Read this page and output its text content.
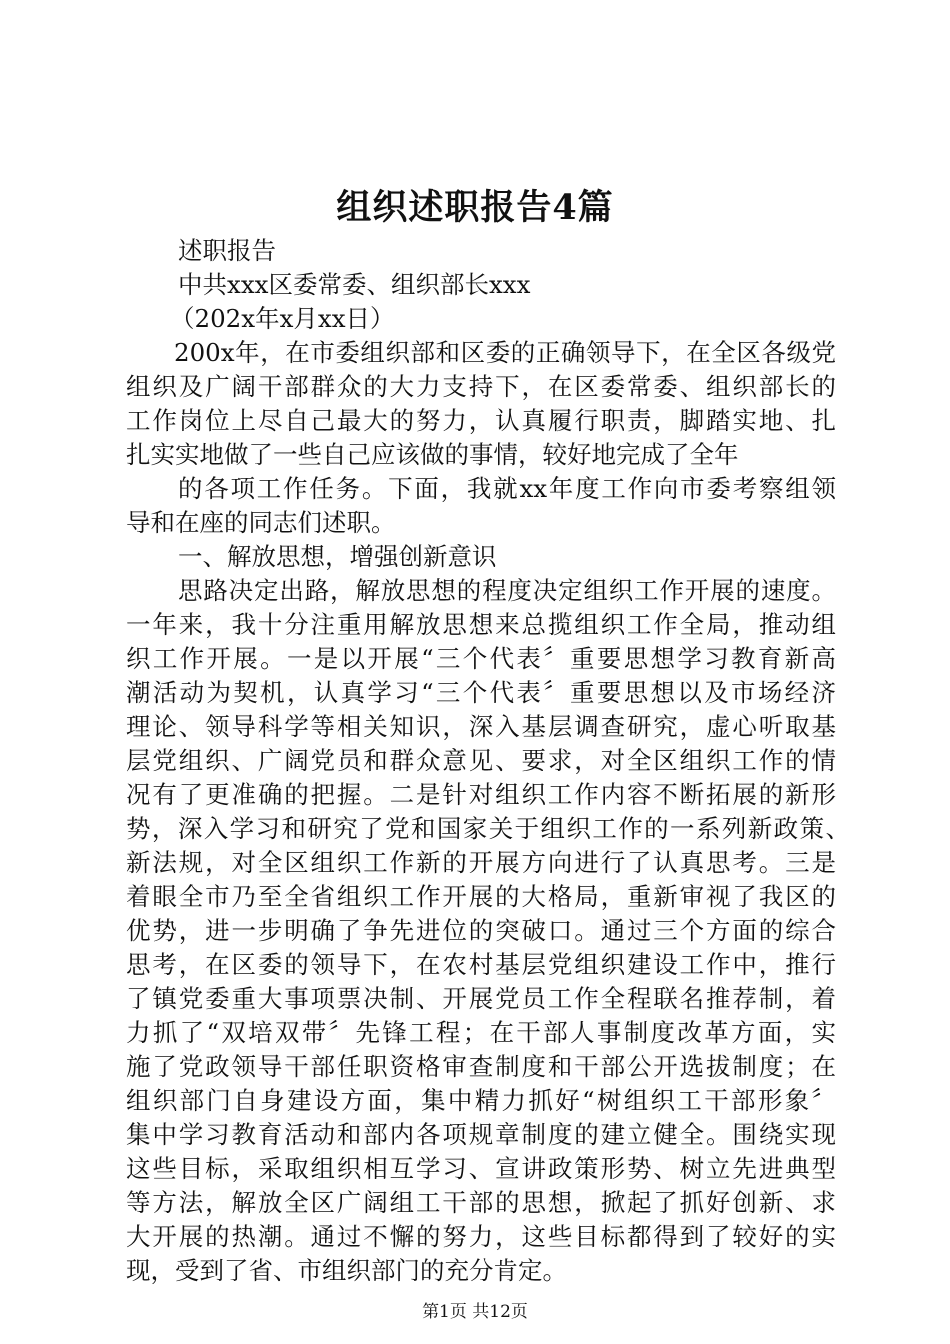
组织述职报告4篇
述职报告
中共xxx区委常委、组织部长xxx
（202x年x月xx日）
200x年，在市委组织部和区委的正确领导下，在全区各级党
组织及广阔干部群众的大力支持下，在区委常委、组织部长的
工作岗位上尽自己最大的努力，认真履行职责，脚踏实地、扎
扎实实地做了一些自己应该做的事情，较好地完成了全年
的各项工作任务。下面，我就xx年度工作向市委考察组领
导和在座的同志们述职。
一、解放思想，增强创新意识
思路决定出路，解放思想的程度决定组织工作开展的速度。
一年来，我十分注重用解放思想来总揽组织工作全局，推动组
织工作开展。一是以开展“三个代表〞重要思想学习教育新高
潮活动为契机，认真学习“三个代表〞重要思想以及市场经济
理论、领导科学等相关知识，深入基层调查研究，虚心听取基
层党组织、广阔党员和群众意见、要求，对全区组织工作的情
况有了更准确的把握。二是针对组织工作内容不断拓展的新形
势，深入学习和研究了党和国家关于组织工作的一系列新政策、
新法规，对全区组织工作新的开展方向进行了认真思考。三是
着眼全市乃至全省组织工作开展的大格局，重新审视了我区的
优势，进一步明确了争先进位的突破口。通过三个方面的综合
思考，在区委的领导下，在农村基层党组织建设工作中，推行
了镇党委重大事项票决制、开展党员工作全程联名推荐制，着
力抓了“双培双带〞先锋工程；在干部人事制度改革方面，实
施了党政领导干部任职资格审查制度和干部公开选拔制度；在
组织部门自身建设方面，集中精力抓好“树组织工干部形象〞
集中学习教育活动和部内各项规章制度的建立健全。围绕实现
这些目标，采取组织相互学习、宣讲政策形势、树立先进典型
等方法，解放全区广阔组工干部的思想，掀起了抓好创新、求
大开展的热潮。通过不懈的努力，这些目标都得到了较好的实
现，受到了省、市组织部门的充分肯定。
第1页 共12页
